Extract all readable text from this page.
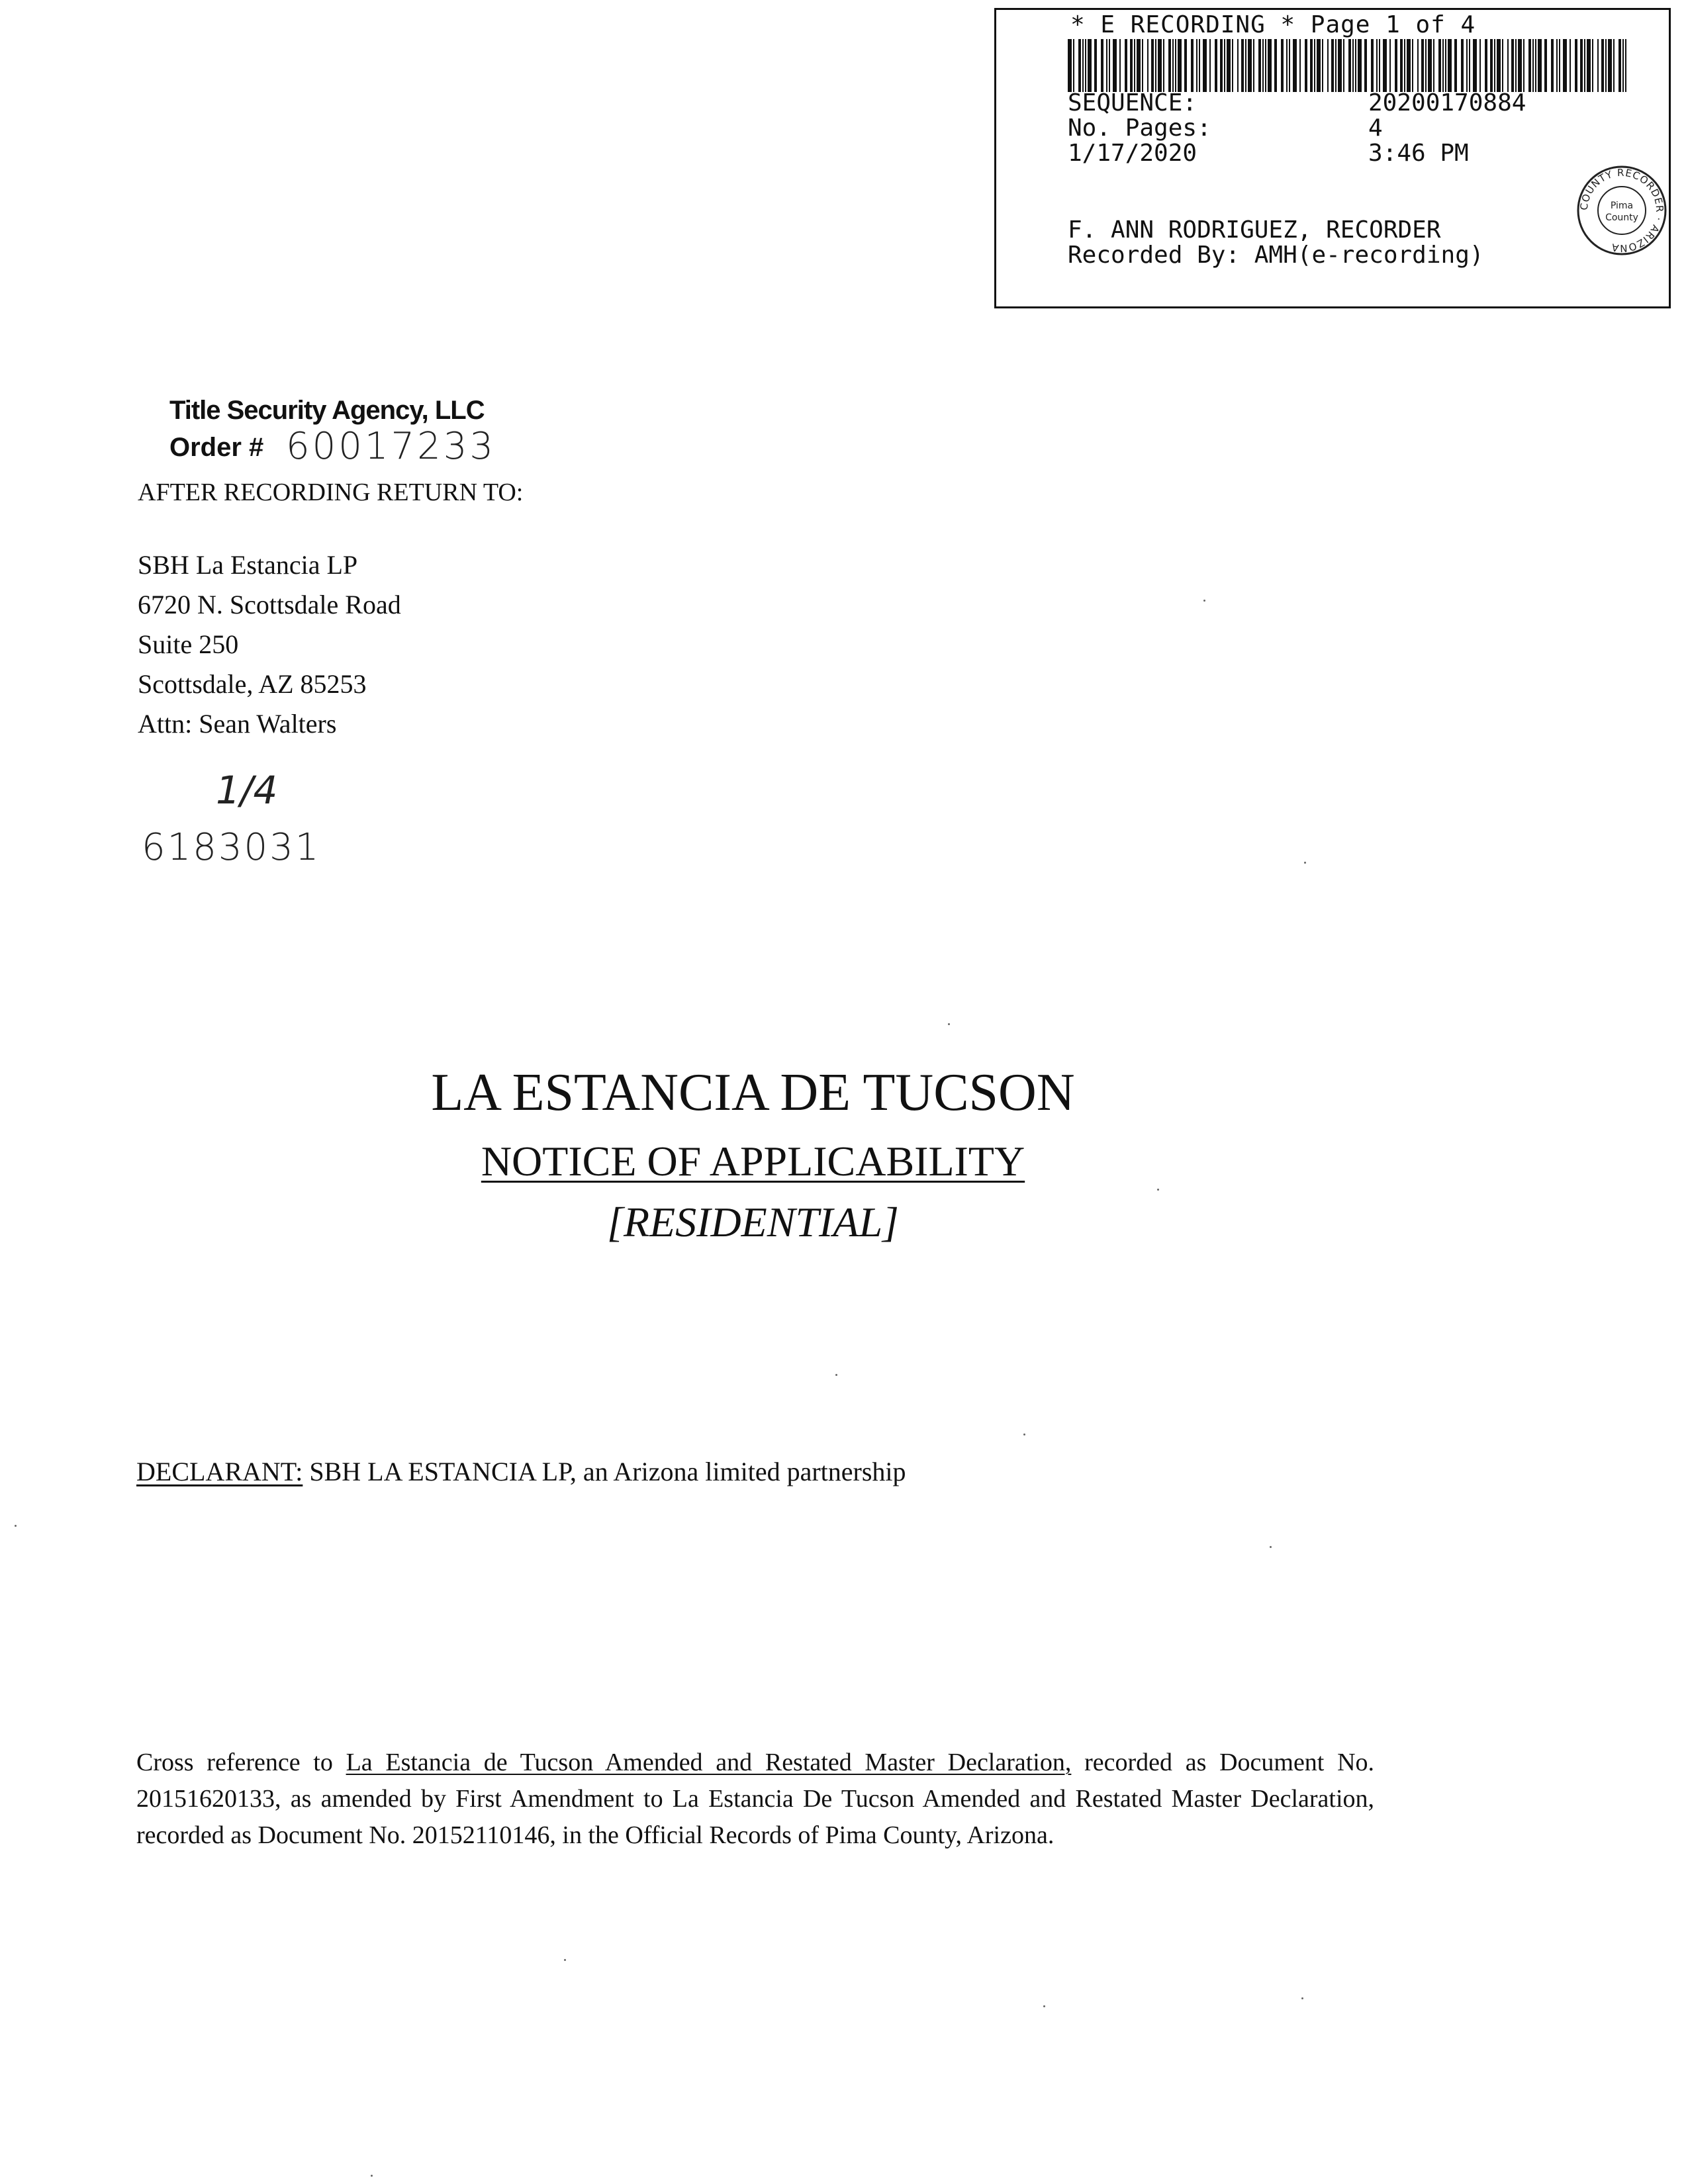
* E RECORDING * Page 1 of 4
SEQUENCE:	20200170884
No. Pages:	4
1/17/2020	3:46 PM
F. ANN RODRIGUEZ, RECORDER
Recorded By: AMH(e-recording)
COUNTY RECORDER · ARIZONA
Pima
County
Title Security Agency, LLC
Order # 60017233
AFTER RECORDING RETURN TO:
SBH La Estancia LP
6720 N. Scottsdale Road
Suite 250
Scottsdale, AZ 85253
Attn: Sean Walters
1/4
6183031
LA ESTANCIA DE TUCSON
NOTICE OF APPLICABILITY
[RESIDENTIAL]
DECLARANT: SBH LA ESTANCIA LP, an Arizona limited partnership
Cross reference to La Estancia de Tucson Amended and Restated Master Declaration, recorded as Document No. 20151620133, as amended by First Amendment to La Estancia De Tucson Amended and Restated Master Declaration, recorded as Document No. 20152110146, in the Official Records of Pima County, Arizona.
